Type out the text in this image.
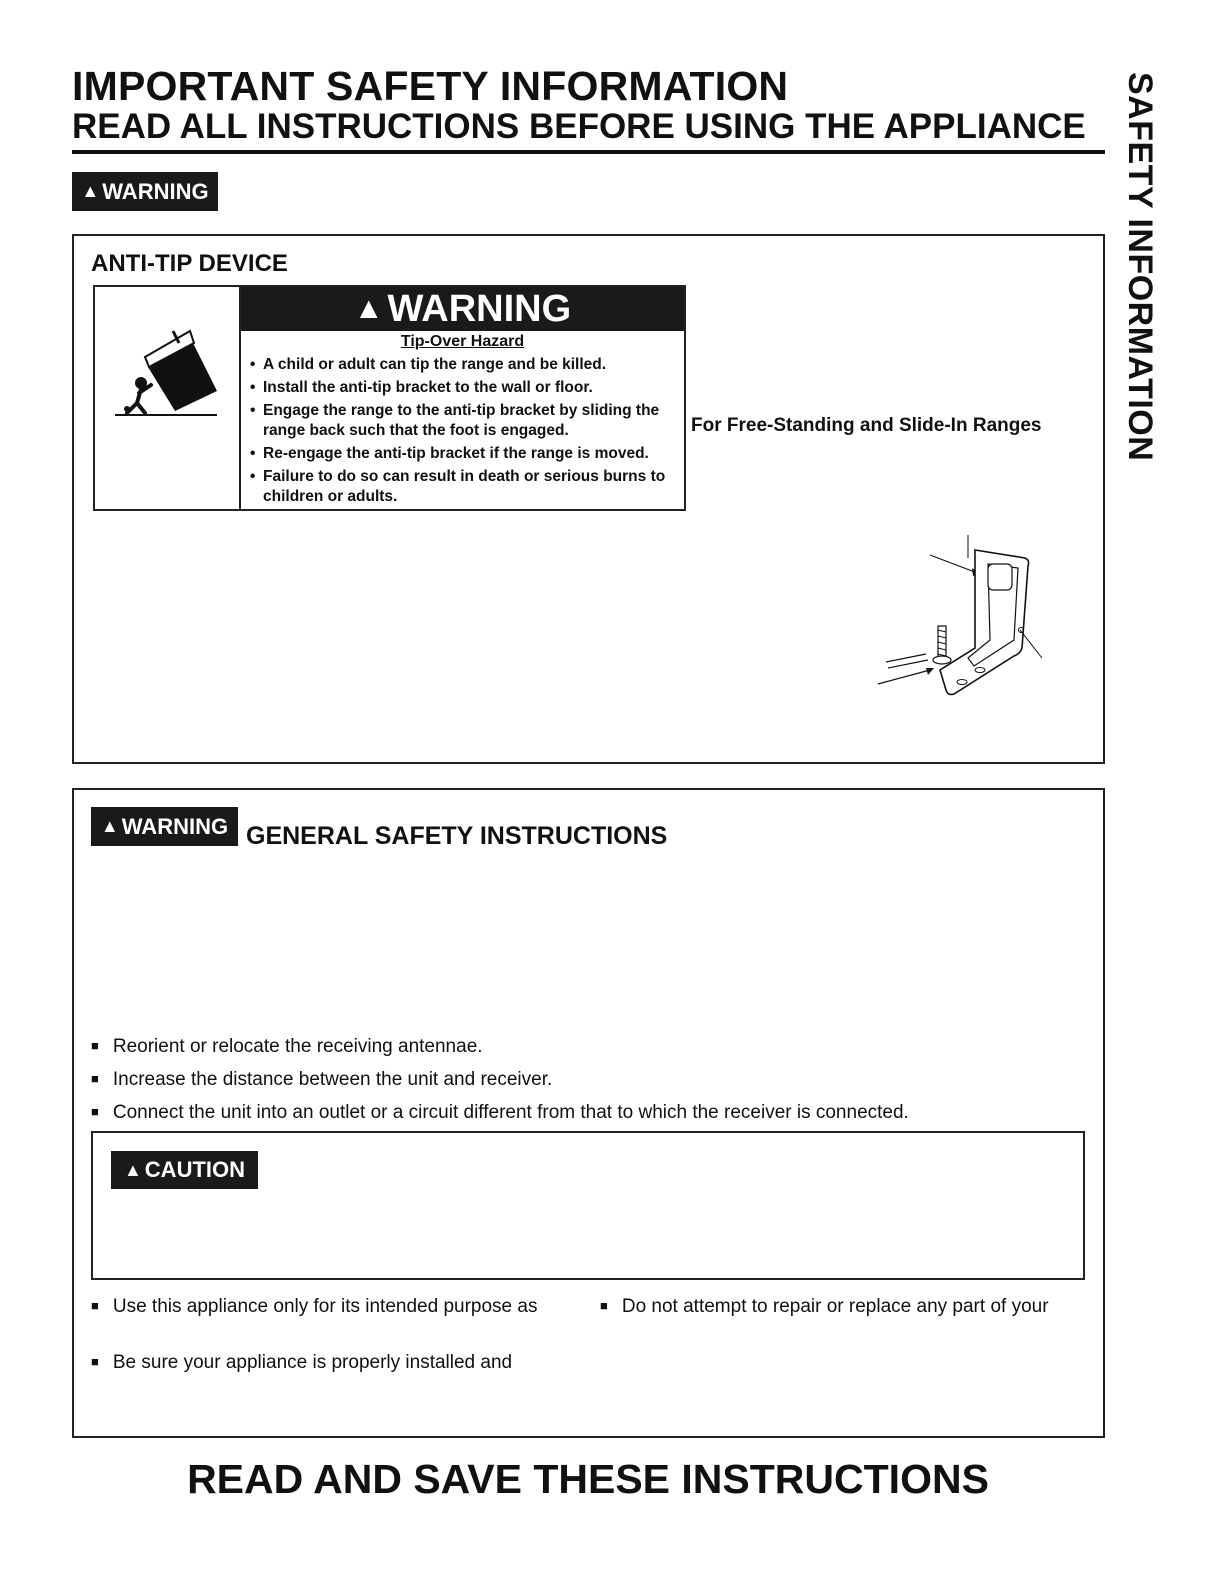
IMPORTANT SAFETY INFORMATION
READ ALL INSTRUCTIONS BEFORE USING THE APPLIANCE	SAFETY INFORMATION
▲ WARNING
ANTI-TIP DEVICE
▲ WARNING
Tip-Over Hazard
• A child or adult can tip the range and be killed.
• Install the anti-tip bracket to the wall or floor.
• Engage the range to the anti-tip bracket by sliding the range back such that the foot is engaged.
• Re-engage the anti-tip bracket if the range is moved.
• Failure to do so can result in death or serious burns to children or adults.
For Free-Standing and Slide-In Ranges
▲ WARNING GENERAL SAFETY INSTRUCTIONS
■ Reorient or relocate the receiving antennae.
■ Increase the distance between the unit and receiver.
■ Connect the unit into an outlet or a circuit different from that to which the receiver is connected.
▲ CAUTION
■ Use this appliance only for its intended purpose as	■ Do not attempt to repair or replace any part of your
■ Be sure your appliance is properly installed and
READ AND SAVE THESE INSTRUCTIONS
